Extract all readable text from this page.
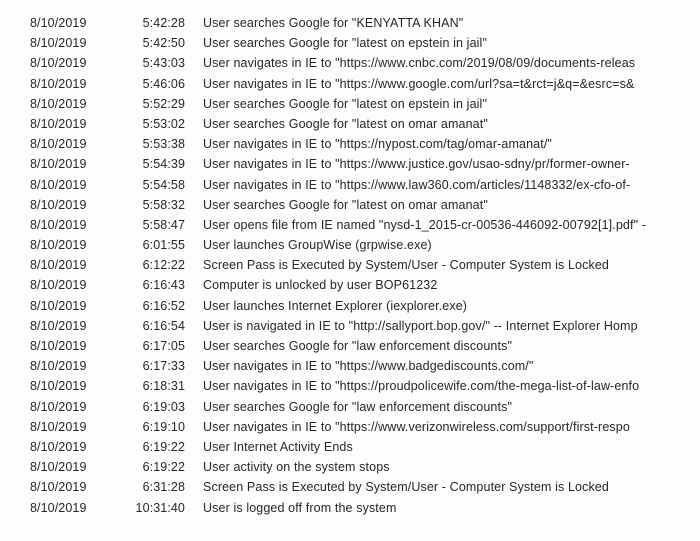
8/10/2019	5:42:28 User searches Google for "KENYATTA KHAN"
8/10/2019	5:42:50 User searches Google for "latest on epstein in jail"
8/10/2019	5:43:03 User navigates in IE to "https://www.cnbc.com/2019/08/09/documents-releas
8/10/2019	5:46:06 User navigates in IE to "https://www.google.com/url?sa=t&rct=j&q=&esrc=s&
8/10/2019	5:52:29 User searches Google for "latest on epstein in jail"
8/10/2019	5:53:02 User searches Google for "latest on omar amanat"
8/10/2019	5:53:38 User navigates in IE to "https://nypost.com/tag/omar-amanat/"
8/10/2019	5:54:39 User navigates in IE to "https://www.justice.gov/usao-sdny/pr/former-owner-
8/10/2019	5:54:58 User navigates in IE to "https://www.law360.com/articles/1148332/ex-cfo-of-
8/10/2019	5:58:32 User searches Google for "latest on omar amanat"
8/10/2019	5:58:47 User opens file from IE named "nysd-1_2015-cr-00536-446092-00792[1].pdf" -
8/10/2019	6:01:55 User launches GroupWise (grpwise.exe)
8/10/2019	6:12:22 Screen Pass is Executed by System/User - Computer System is Locked
8/10/2019	6:16:43 Computer is unlocked by user BOP61232
8/10/2019	6:16:52 User launches Internet Explorer (iexplorer.exe)
8/10/2019	6:16:54 User is navigated in IE to "http://sallyport.bop.gov/" -- Internet Explorer Homp
8/10/2019	6:17:05 User searches Google for "law enforcement discounts"
8/10/2019	6:17:33 User navigates in IE to "https://www.badgediscounts.com/"
8/10/2019	6:18:31 User navigates in IE to "https://proudpolicewife.com/the-mega-list-of-law-enfo
8/10/2019	6:19:03 User searches Google for "law enforcement discounts"
8/10/2019	6:19:10 User navigates in IE to "https://www.verizonwireless.com/support/first-respo
8/10/2019	6:19:22 User Internet Activity Ends
8/10/2019	6:19:22 User activity on the system stops
8/10/2019	6:31:28 Screen Pass is Executed by System/User - Computer System is Locked
8/10/2019	10:31:40 User is logged off from the system
